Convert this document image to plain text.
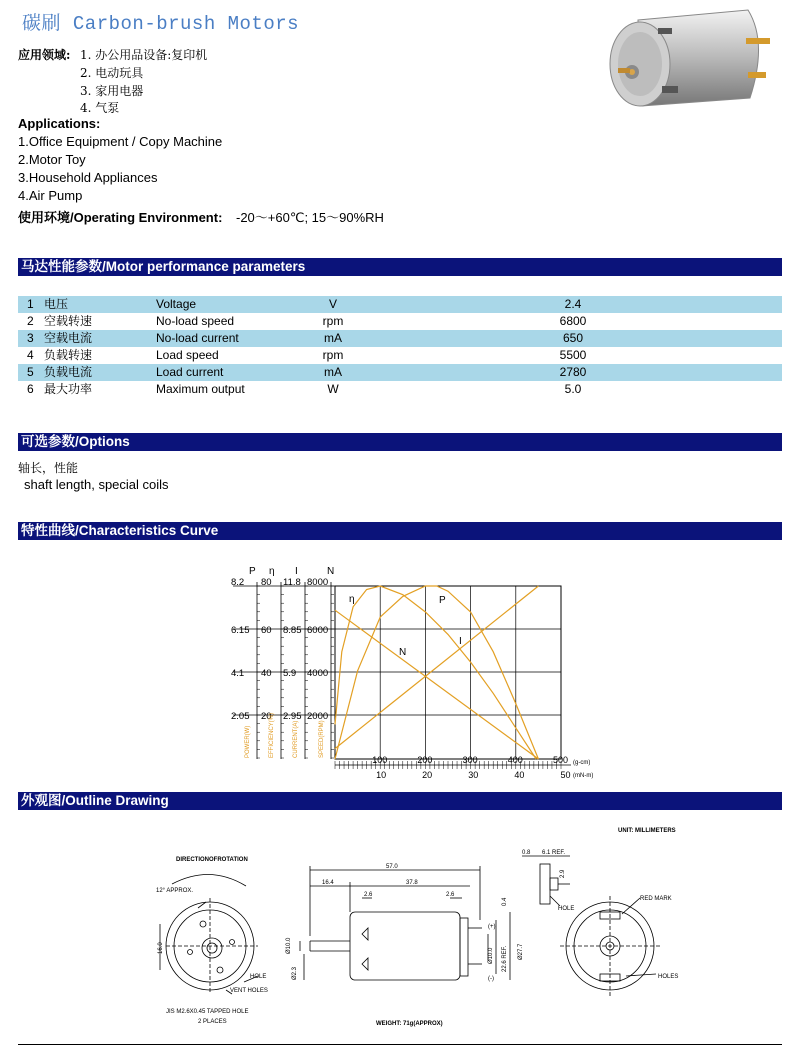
碳刷 Carbon-brush Motors
应用领域: 1. 办公用品设备:复印机
2. 电动玩具
3. 家用电器
4. 气泵
Applications:
1.Office Equipment / Copy Machine
2.Motor Toy
3.Household Appliances
4.Air Pump
使用环境/Operating Environment: -20～+60℃; 15～90%RH
马达性能参数/Motor performance parameters
1 电压	Voltage	V	2.4
2 空载转速	No-load speed	rpm	6800
3 空载电流	No-load current	mA	650
4 负载转速	Load speed	rpm	5500
5 负载电流	Load current	mA	2780
6 最大功率	Maximum output	W	5.0
可选参数/Options
轴长，性能
shaft length, special coils
特性曲线/Characteristics Curve
P η I	N
8.2
6.15
4.1
2.05
POWER(W)
80
60
40
20
EFFICIENCY(%)
11.8
8.85
5.9
2.95
CURRENT(A)
8000
6000
4000
2000
SPEED(RPM)
100	200	300	400	500 (g-cm)
10	20	30	40	50 (mN-m)
P
η
I
N
外观图/Outline Drawing
UNIT: MILLIMETERS
DIRECTIONOFROTATION
12° APPROX.
HOLE
VENT HOLES
JIS M2.6X0.45 TAPPED HOLE
2 PLACES	WEIGHT: 71g(APPROX)
RED MARK
HOLES
HOLE
57.0
16.4	37.8
2.6	2.6
0.8 6.1 REF.
2.9
0.4
16.0	Ø10.0
Ø2.3
Ø10.0 22.6 REF. Ø27.7
(+)
(-)
